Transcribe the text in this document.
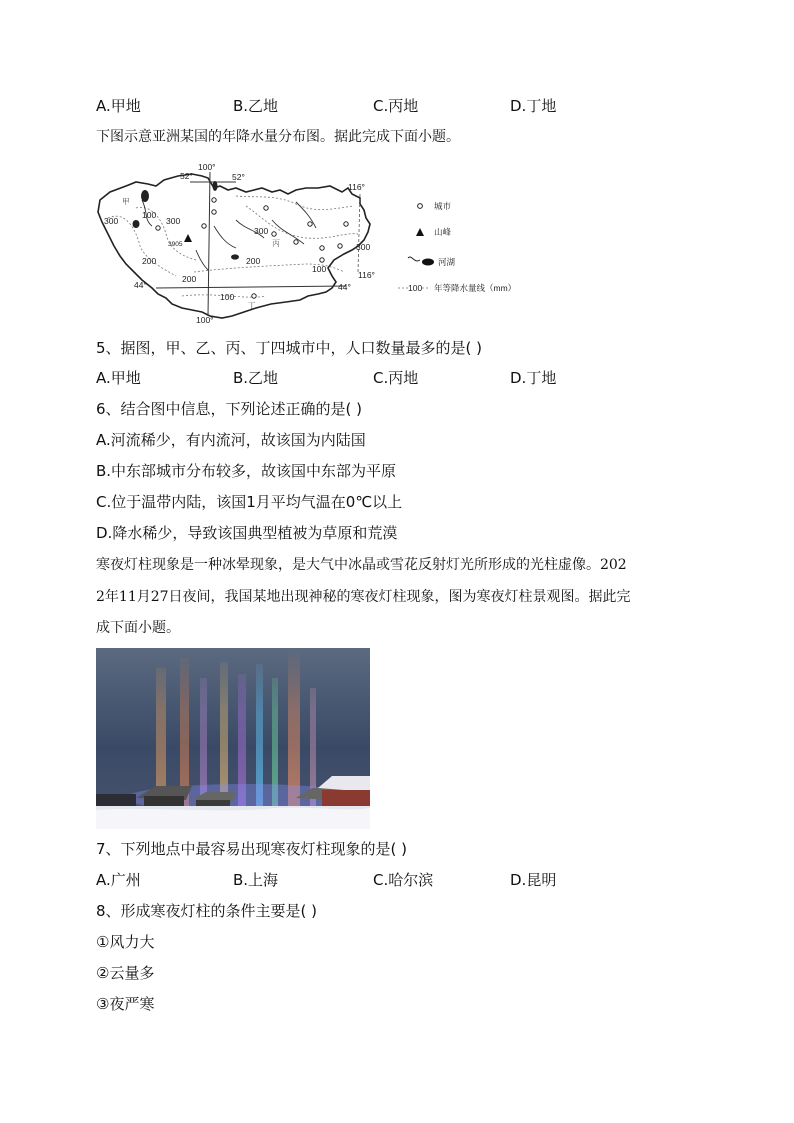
A.甲地	B.乙地	C.丙地	D.丁地
下图示意亚洲某国的年降水量分布图。据此完成下面小题。
100°
52°	52°
116°
116°
44°	44°
100°
甲
3905	丙
丁
300
100
300
300
300
200	200
200
100
100
城市
山峰
河湖
100 年等降水量线（mm）
5、据图，甲、乙、丙、丁四城市中，人口数量最多的是( )
A.甲地	B.乙地	C.丙地	D.丁地
6、结合图中信息，下列论述正确的是( )
A.河流稀少，有内流河，故该国为内陆国
B.中东部城市分布较多，故该国中东部为平原
C.位于温带内陆，该国1月平均气温在0℃以上
D.降水稀少，导致该国典型植被为草原和荒漠
寒夜灯柱现象是一种冰晕现象，是大气中冰晶或雪花反射灯光所形成的光柱虚像。202
2年11月27日夜间，我国某地出现神秘的寒夜灯柱现象，图为寒夜灯柱景观图。据此完
成下面小题。
7、下列地点中最容易出现寒夜灯柱现象的是( )
A.广州	B.上海	C.哈尔滨	D.昆明
8、形成寒夜灯柱的条件主要是( )
①风力大
②云量多
③夜严寒
